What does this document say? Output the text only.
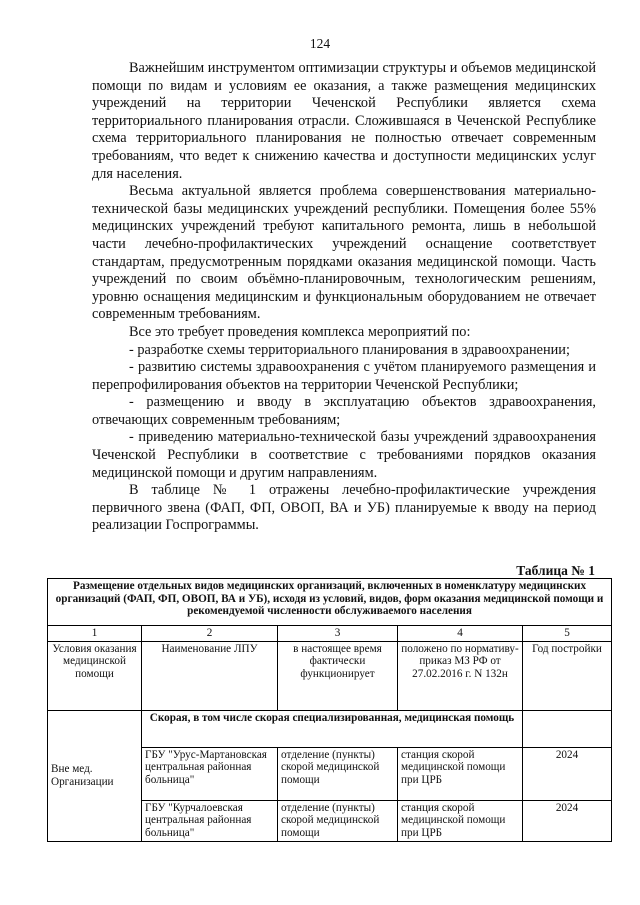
124

Важнейшим инструментом оптимизации структуры и объемов медицинской помощи по видам и условиям ее оказания, а также размещения медицинских учреждений на территории Чеченской Республики является схема территориального планирования отрасли. Сложившаяся в Чеченской Республике схема территориального планирования не полностью отвечает современным требованиям, что ведет к снижению качества и доступности медицинских услуг для населения.

Весьма актуальной является проблема совершенствования материально-технической базы медицинских учреждений республики. Помещения более 55% медицинских учреждений требуют капитального ремонта, лишь в небольшой части лечебно-профилактических учреждений оснащение соответствует стандартам, предусмотренным порядками оказания медицинской помощи. Часть учреждений по своим объёмно-планировочным, технологическим решениям, уровню оснащения медицинским и функциональным оборудованием не отвечает современным требованиям.

Все это требует проведения комплекса мероприятий по:

- разработке схемы территориального планирования в здравоохранении;

- развитию системы здравоохранения с учётом планируемого размещения и перепрофилирования объектов на территории Чеченской Республики;

- размещению и вводу в эксплуатацию объектов здравоохранения, отвечающих современным требованиям;

- приведению материально-технической базы учреждений здравоохранения Чеченской Республики в соответствие с требованиями порядков оказания медицинской помощи и другим направлениям.

В таблице № 1 отражены лечебно-профилактические учреждения первичного звена (ФАП, ФП, ОВОП, ВА и УБ) планируемые к вводу на период реализации Госпрограммы.

Таблица № 1
Размещение отдельных видов медицинских организаций, включенных в номенклатуру медицинских организаций (ФАП, ФП, ОВОП, ВА и УБ), исходя из условий, видов, форм оказания медицинской помощи и рекомендуемой численности обслуживаемого населения				
1	2	3	4	5
Условия оказания медицинской помощи	Наименование ЛПУ	в настоящее время фактически функционирует	положено по нормативу- приказ МЗ РФ от 27.02.2016 г. N 132н	Год постройки
Вне мед. Организации	Скорая, в том числе скорая специализированная, медицинская помощь			
	ГБУ "Урус-Мартановская центральная районная больница"	отделение (пункты) скорой медицинской помощи	станция скорой медицинской помощи при ЦРБ	2024
	ГБУ "Курчалоевская центральная районная больница"	отделение (пункты) скорой медицинской помощи	станция скорой медицинской помощи при ЦРБ	2024
